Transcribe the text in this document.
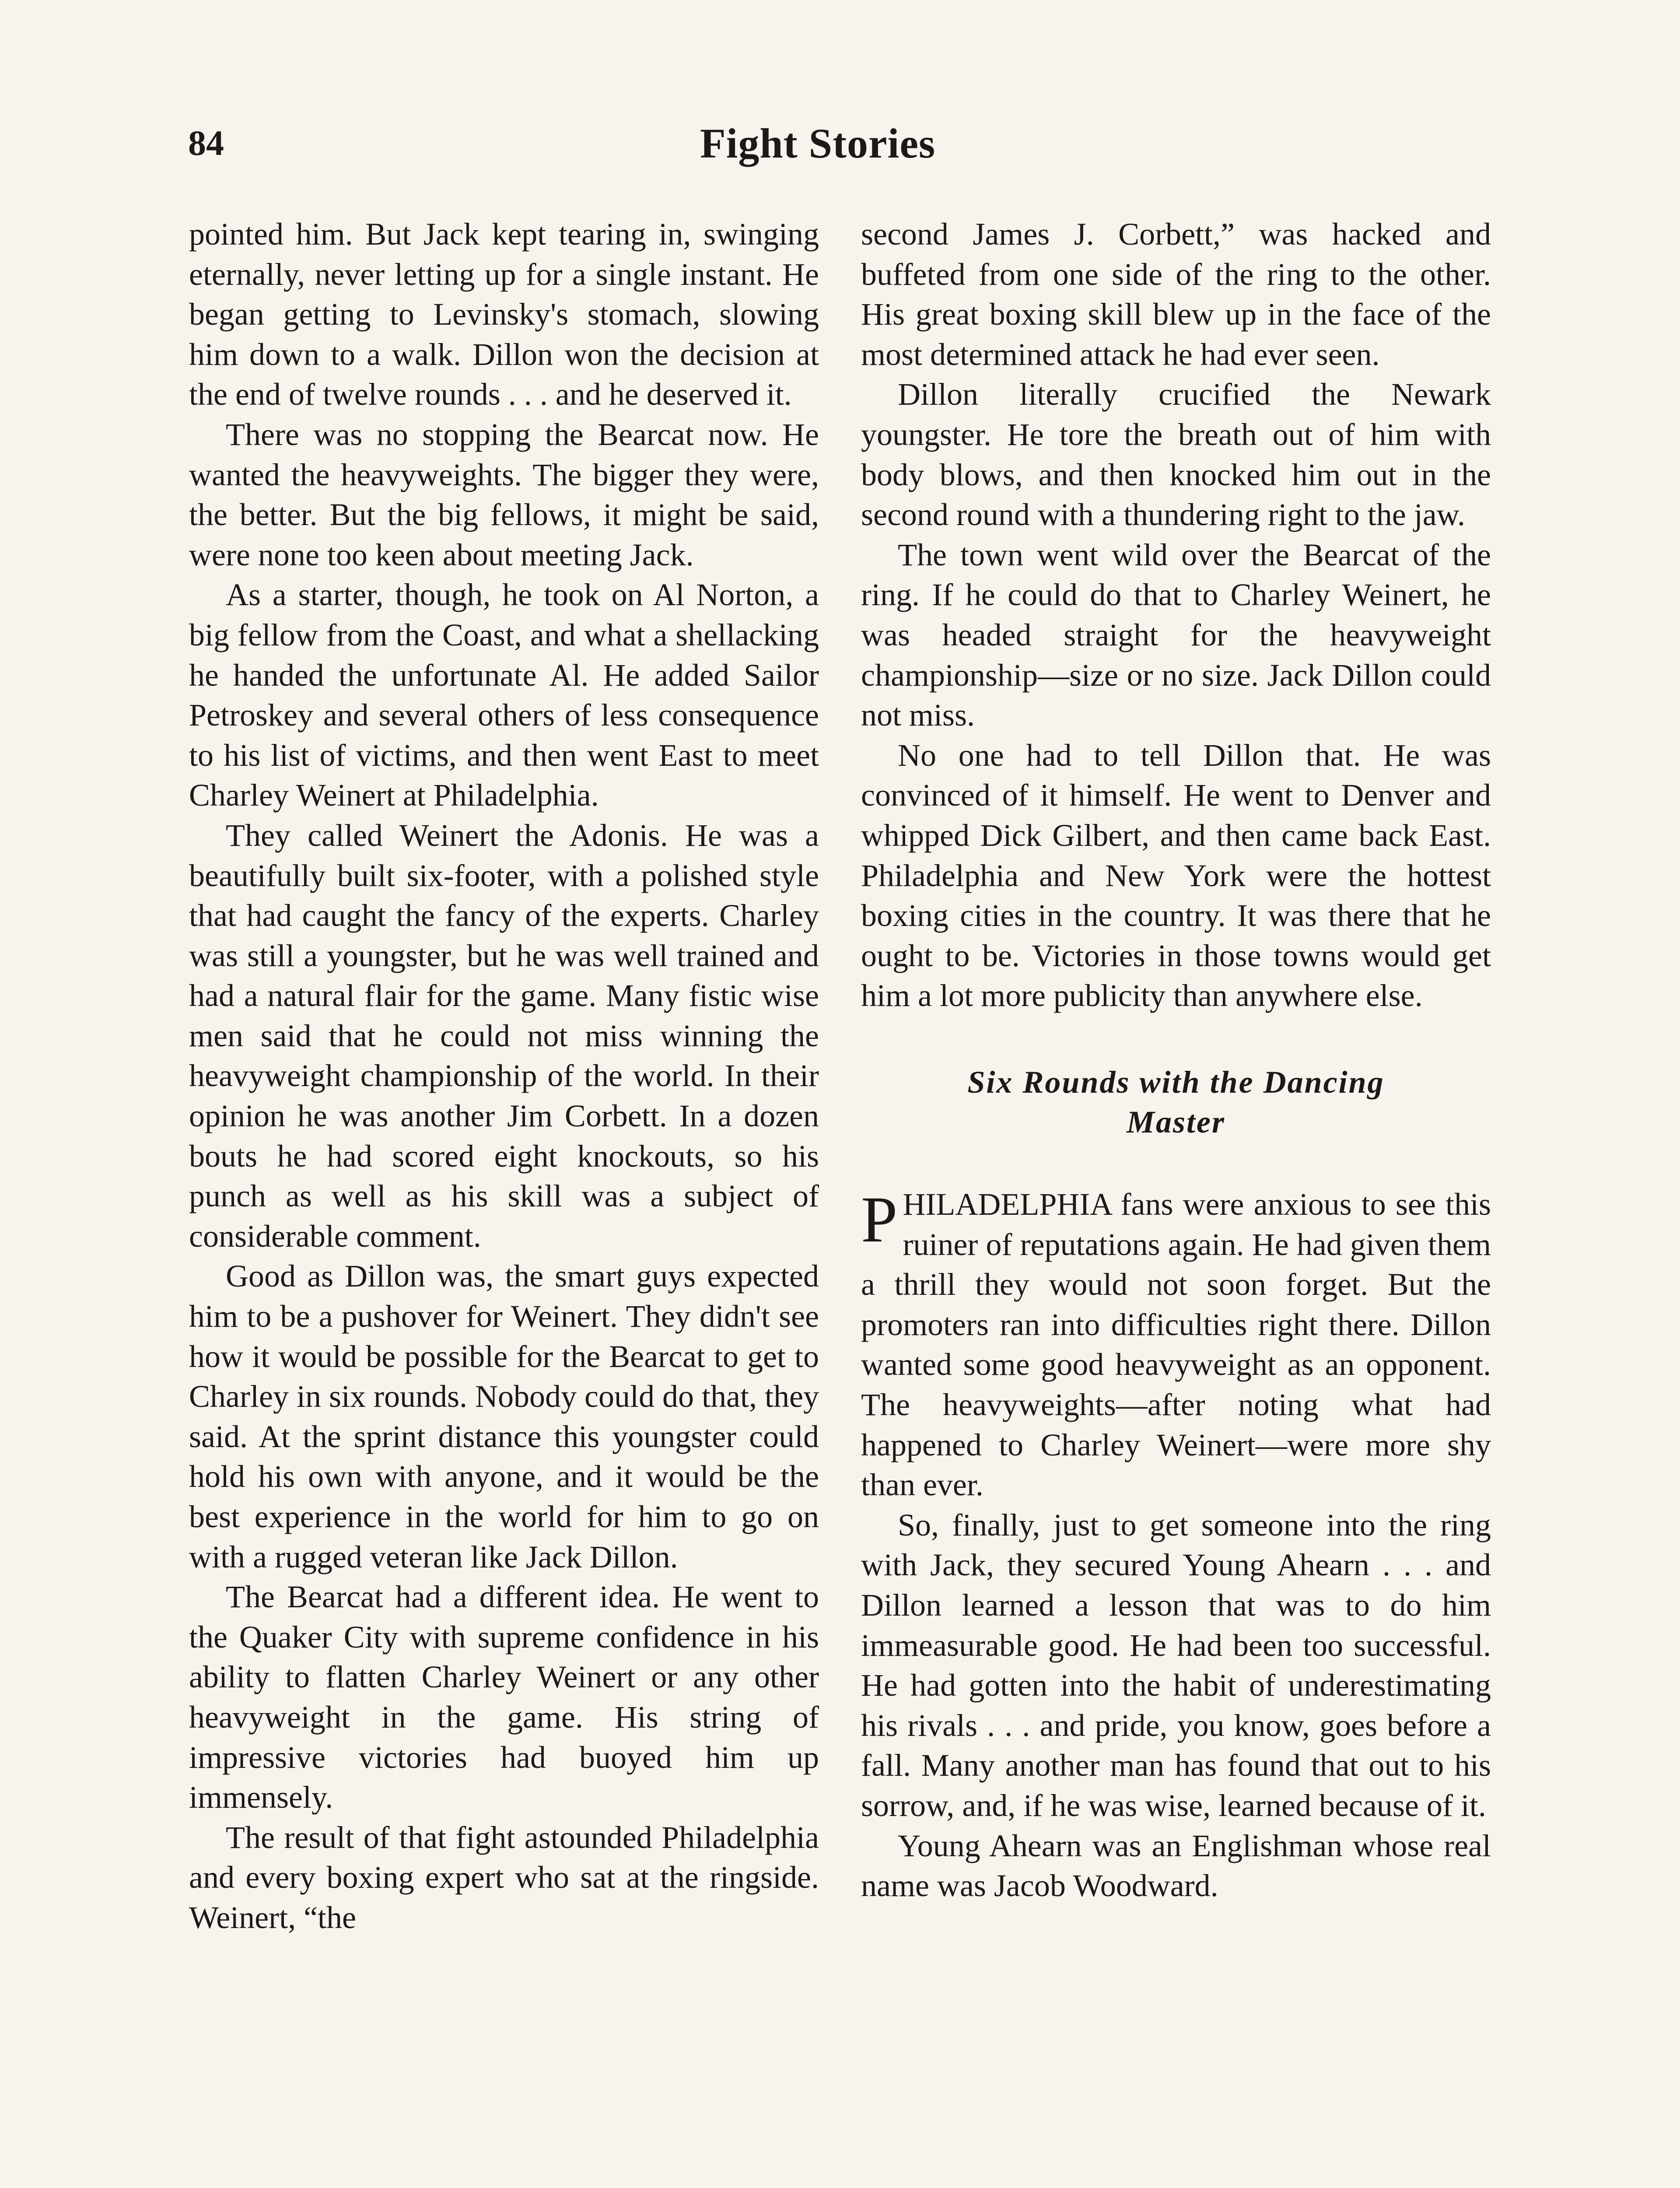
84	Fight Stories

pointed him. But Jack kept tearing in, swinging eternally, never letting up for a single instant. He began getting to Levinsky's stomach, slowing him down to a walk. Dillon won the decision at the end of twelve rounds . . . and he deserved it.

There was no stopping the Bearcat now. He wanted the heavyweights. The bigger they were, the better. But the big fellows, it might be said, were none too keen about meeting Jack.

As a starter, though, he took on Al Norton, a big fellow from the Coast, and what a shellacking he handed the unfortunate Al. He added Sailor Petroskey and several others of less consequence to his list of victims, and then went East to meet Charley Weinert at Philadelphia.

They called Weinert the Adonis. He was a beautifully built six-footer, with a polished style that had caught the fancy of the experts. Charley was still a youngster, but he was well trained and had a natural flair for the game. Many fistic wise men said that he could not miss winning the heavyweight championship of the world. In their opinion he was another Jim Corbett. In a dozen bouts he had scored eight knockouts, so his punch as well as his skill was a subject of considerable comment.

Good as Dillon was, the smart guys expected him to be a pushover for Weinert. They didn't see how it would be possible for the Bearcat to get to Charley in six rounds. Nobody could do that, they said. At the sprint distance this youngster could hold his own with anyone, and it would be the best experience in the world for him to go on with a rugged veteran like Jack Dillon.

The Bearcat had a different idea. He went to the Quaker City with supreme confidence in his ability to flatten Charley Weinert or any other heavyweight in the game. His string of impressive victories had buoyed him up immensely.

The result of that fight astounded Philadelphia and every boxing expert who sat at the ringside. Weinert, “the

second James J. Corbett,” was hacked and buffeted from one side of the ring to the other. His great boxing skill blew up in the face of the most determined attack he had ever seen.

Dillon literally crucified the Newark youngster. He tore the breath out of him with body blows, and then knocked him out in the second round with a thundering right to the jaw.

The town went wild over the Bearcat of the ring. If he could do that to Charley Weinert, he was headed straight for the heavyweight championship—size or no size. Jack Dillon could not miss.

No one had to tell Dillon that. He was convinced of it himself. He went to Denver and whipped Dick Gilbert, and then came back East. Philadelphia and New York were the hottest boxing cities in the country. It was there that he ought to be. Victories in those towns would get him a lot more publicity than anywhere else.

Six Rounds with the Dancing
Master

PHILADELPHIA fans were anxious to see this ruiner of reputations again. He had given them a thrill they would not soon forget. But the promoters ran into difficulties right there. Dillon wanted some good heavyweight as an opponent. The heavyweights—after noting what had happened to Charley Weinert—were more shy than ever.

So, finally, just to get someone into the ring with Jack, they secured Young Ahearn . . . and Dillon learned a lesson that was to do him immeasurable good. He had been too successful. He had gotten into the habit of underestimating his rivals . . . and pride, you know, goes before a fall. Many another man has found that out to his sorrow, and, if he was wise, learned because of it.

Young Ahearn was an Englishman whose real name was Jacob Woodward.
